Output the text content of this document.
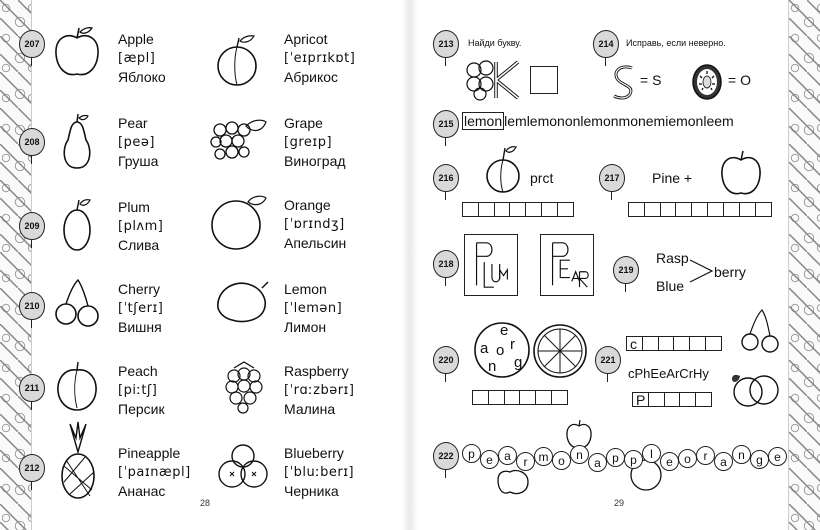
207	Apple
[æpl]
Яблоко
208
Pear
[peə]
Груша
209
Plum
[plʌm]
Слива
210
Cherry
[ˈtʃerɪ]
Вишня
211
Peach
[piːtʃ]
Персик
212
Pineapple
[ˈpaɪnæpl]
Ананас
Apricot
[ˈeɪprɪkɒt]
Абрикос
Grape
[greɪp]
Виноград
Orange
[ˈɒrɪndʒ]
Апельсин
Lemon
[ˈlemən]
Лимон
Raspberry
[ˈrɑːzbərɪ]
Малина
Blueberry
[ˈbluːberɪ]
Черника
28
213	Найди букву.	214	Исправь, если неверно.
= S	= O
215 lemon lemlemononlemonmonemiemonleem
216	prct	217	Pine +
218
219
Rasp
Blue
berry
220
e
a o r
g
n	221
c
cPhEeArCrHy
P
222	p e a	r m o n
a p p	l
e o	r	a n g e
29
